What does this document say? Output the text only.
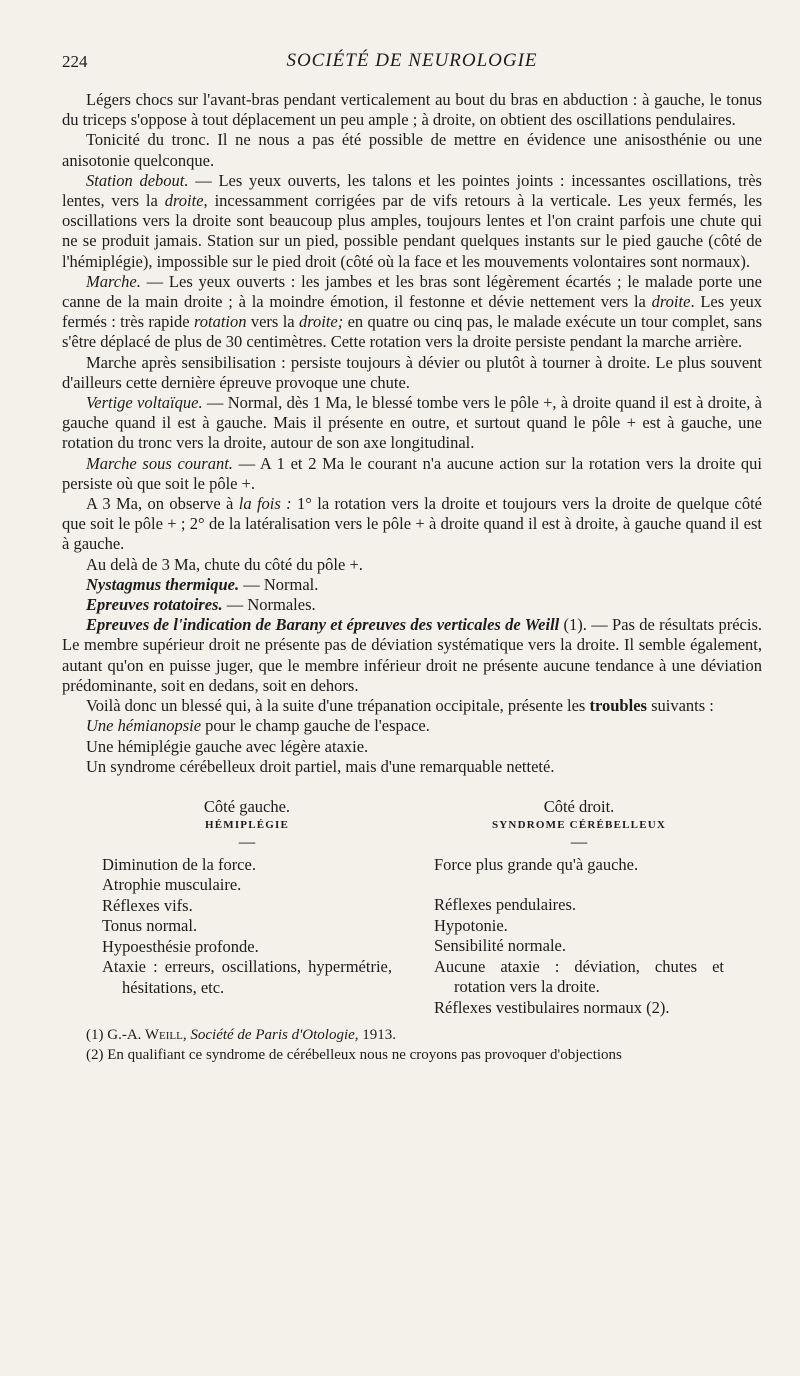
224	SOCIÉTÉ DE NEUROLOGIE

Légers chocs sur l'avant-bras pendant verticalement au bout du bras en abduction : à gauche, le tonus du triceps s'oppose à tout déplacement un peu ample ; à droite, on obtient des oscillations pendulaires.

Tonicité du tronc. Il ne nous a pas été possible de mettre en évidence une anisosthénie ou une anisotonie quelconque.

Station debout. — Les yeux ouverts, les talons et les pointes joints : incessantes oscillations, très lentes, vers la droite, incessamment corrigées par de vifs retours à la verticale. Les yeux fermés, les oscillations vers la droite sont beaucoup plus amples, toujours lentes et l'on craint parfois une chute qui ne se produit jamais. Station sur un pied, possible pendant quelques instants sur le pied gauche (côté de l'hémiplégie), impossible sur le pied droit (côté où la face et les mouvements volontaires sont normaux).

Marche. — Les yeux ouverts : les jambes et les bras sont légèrement écartés ; le malade porte une canne de la main droite ; à la moindre émotion, il festonne et dévie nettement vers la droite. Les yeux fermés : très rapide rotation vers la droite; en quatre ou cinq pas, le malade exécute un tour complet, sans s'être déplacé de plus de 30 centimètres. Cette rotation vers la droite persiste pendant la marche arrière.

Marche après sensibilisation : persiste toujours à dévier ou plutôt à tourner à droite. Le plus souvent d'ailleurs cette dernière épreuve provoque une chute.

Vertige voltaïque. — Normal, dès 1 Ma, le blessé tombe vers le pôle +, à droite quand il est à droite, à gauche quand il est à gauche. Mais il présente en outre, et surtout quand le pôle + est à gauche, une rotation du tronc vers la droite, autour de son axe longitudinal.

Marche sous courant. — A 1 et 2 Ma le courant n'a aucune action sur la rotation vers la droite qui persiste où que soit le pôle +.

A 3 Ma, on observe à la fois : 1° la rotation vers la droite et toujours vers la droite de quelque côté que soit le pôle + ; 2° de la latéralisation vers le pôle + à droite quand il est à droite, à gauche quand il est à gauche.

Au delà de 3 Ma, chute du côté du pôle +.

Nystagmus thermique. — Normal.

Epreuves rotatoires. — Normales.

Epreuves de l'indication de Barany et épreuves des verticales de Weill (1). — Pas de résultats précis. Le membre supérieur droit ne présente pas de déviation systématique vers la droite. Il semble également, autant qu'on en puisse juger, que le membre inférieur droit ne présente aucune tendance à une déviation prédominante, soit en dedans, soit en dehors.

Voilà donc un blessé qui, à la suite d'une trépanation occipitale, présente les troubles suivants :

Une hémianopsie pour le champ gauche de l'espace.

Une hémiplégie gauche avec légère ataxie.

Un syndrome cérébelleux droit partiel, mais d'une remarquable netteté.

Côté gauche.
HÉMIPLÉGIE
—
Diminution de la force.
Atrophie musculaire.
Réflexes vifs.
Tonus normal.
Hypoesthésie profonde.
Ataxie : erreurs, oscillations, hypermétrie, hésitations, etc.
Côté droit.
SYNDROME CÉRÉBELLEUX
—
Force plus grande qu'à gauche.
Réflexes pendulaires.
Hypotonie.
Sensibilité normale.
Aucune ataxie : déviation, chutes et rotation vers la droite.
Réflexes vestibulaires normaux (2).

(1) G.-A. Weill, Société de Paris d'Otologie, 1913.

(2) En qualifiant ce syndrome de cérébelleux nous ne croyons pas provoquer d'objections
